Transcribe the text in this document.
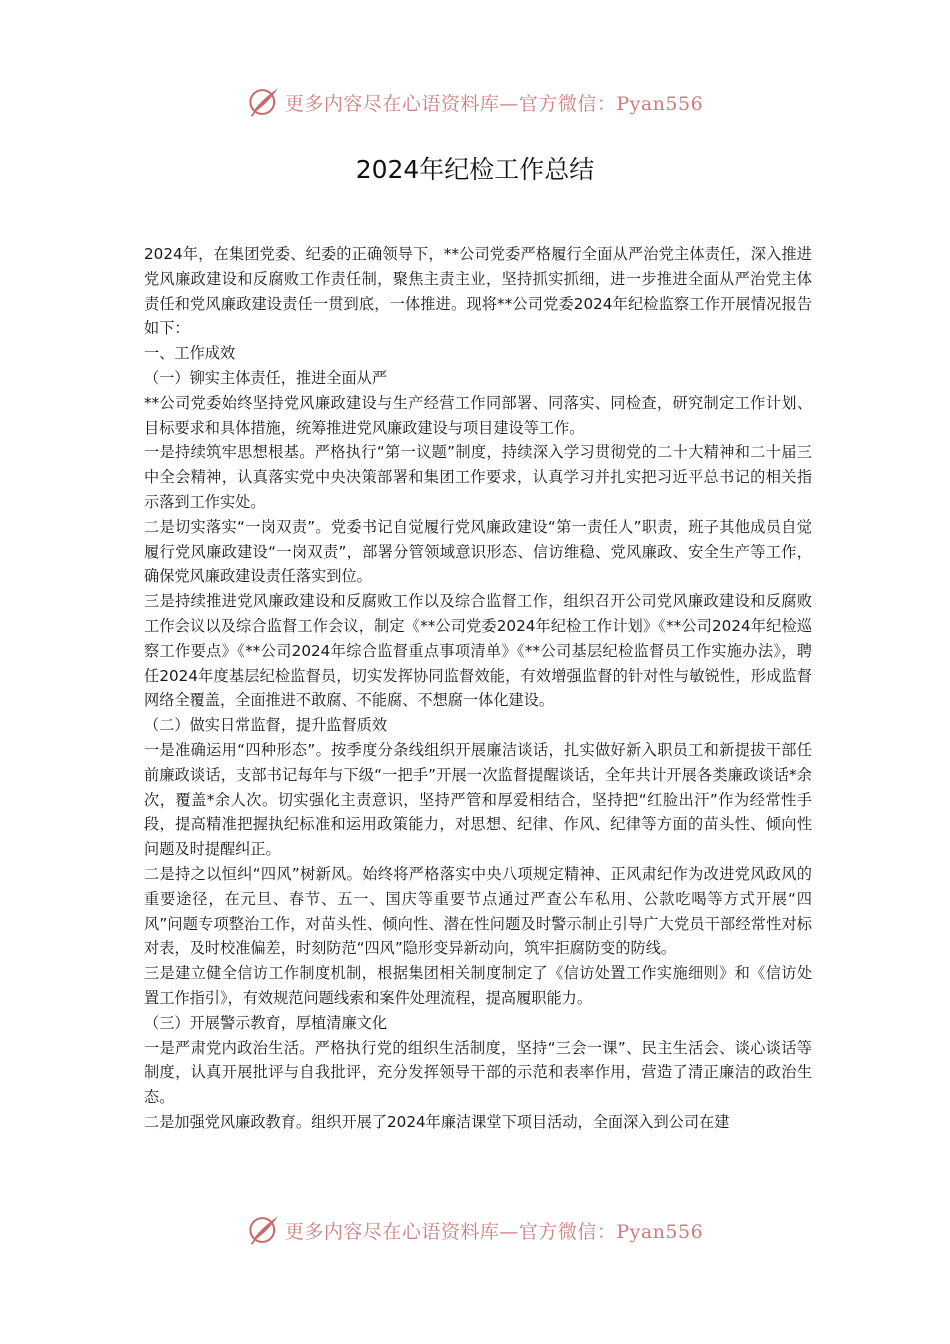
更多内容尽在心语资料库—官方微信：Pyan556
2024年纪检工作总结

2024年，在集团党委、纪委的正确领导下，**公司党委严格履行全面从严治党主体责任，深入推进党风廉政建设和反腐败工作责任制，聚焦主责主业，坚持抓实抓细，进一步推进全面从严治党主体责任和党风廉政建设责任一贯到底，一体推进。现将**公司党委2024年纪检监察工作开展情况报告如下：

一、工作成效

（一）铆实主体责任，推进全面从严

**公司党委始终坚持党风廉政建设与生产经营工作同部署、同落实、同检查，研究制定工作计划、目标要求和具体措施，统筹推进党风廉政建设与项目建设等工作。

一是持续筑牢思想根基。严格执行“第一议题”制度，持续深入学习贯彻党的二十大精神和二十届三中全会精神，认真落实党中央决策部署和集团工作要求，认真学习并扎实把习近平总书记的相关指示落到工作实处。

二是切实落实“一岗双责”。党委书记自觉履行党风廉政建设“第一责任人”职责，班子其他成员自觉履行党风廉政建设“一岗双责”，部署分管领域意识形态、信访维稳、党风廉政、安全生产等工作，确保党风廉政建设责任落实到位。

三是持续推进党风廉政建设和反腐败工作以及综合监督工作，组织召开公司党风廉政建设和反腐败工作会议以及综合监督工作会议，制定《**公司党委2024年纪检工作计划》《**公司2024年纪检巡察工作要点》《**公司2024年综合监督重点事项清单》《**公司基层纪检监督员工作实施办法》，聘任2024年度基层纪检监督员，切实发挥协同监督效能，有效增强监督的针对性与敏锐性，形成监督网络全覆盖，全面推进不敢腐、不能腐、不想腐一体化建设。

（二）做实日常监督，提升监督质效

一是准确运用“四种形态”。按季度分条线组织开展廉洁谈话，扎实做好新入职员工和新提拔干部任前廉政谈话，支部书记每年与下级“一把手”开展一次监督提醒谈话，全年共计开展各类廉政谈话*余次，覆盖*余人次。切实强化主责意识，坚持严管和厚爱相结合，坚持把“红脸出汗”作为经常性手段，提高精准把握执纪标准和运用政策能力，对思想、纪律、作风、纪律等方面的苗头性、倾向性问题及时提醒纠正。

二是持之以恒纠“四风”树新风。始终将严格落实中央八项规定精神、正风肃纪作为改进党风政风的重要途径，在元旦、春节、五一、国庆等重要节点通过严查公车私用、公款吃喝等方式开展“四风”问题专项整治工作，对苗头性、倾向性、潜在性问题及时警示制止引导广大党员干部经常性对标对表，及时校准偏差，时刻防范“四风”隐形变异新动向，筑牢拒腐防变的防线。

三是建立健全信访工作制度机制，根据集团相关制度制定了《信访处置工作实施细则》和《信访处置工作指引》，有效规范问题线索和案件处理流程，提高履职能力。

（三）开展警示教育，厚植清廉文化

一是严肃党内政治生活。严格执行党的组织生活制度，坚持“三会一课”、民主生活会、谈心谈话等制度，认真开展批评与自我批评，充分发挥领导干部的示范和表率作用，营造了清正廉洁的政治生态。

二是加强党风廉政教育。组织开展了2024年廉洁课堂下项目活动，全面深入到公司在建

更多内容尽在心语资料库—官方微信：Pyan556
